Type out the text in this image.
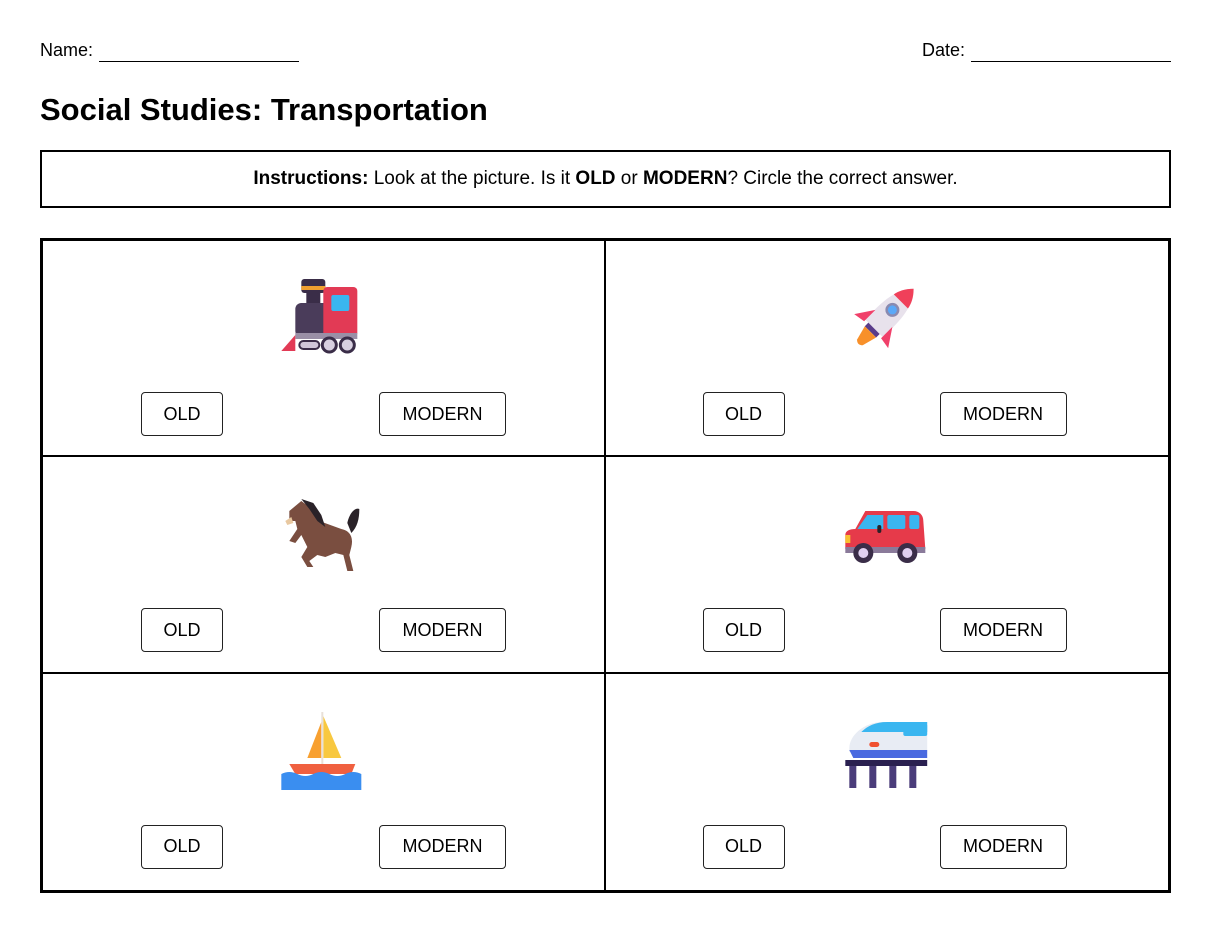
Name:	Date:
Social Studies: Transportation
Instructions: Look at the picture. Is it OLD or MODERN? Circle the correct answer.
OLD	MODERN	OLD	MODERN
OLD	MODERN	OLD	MODERN
OLD	MODERN	OLD	MODERN
